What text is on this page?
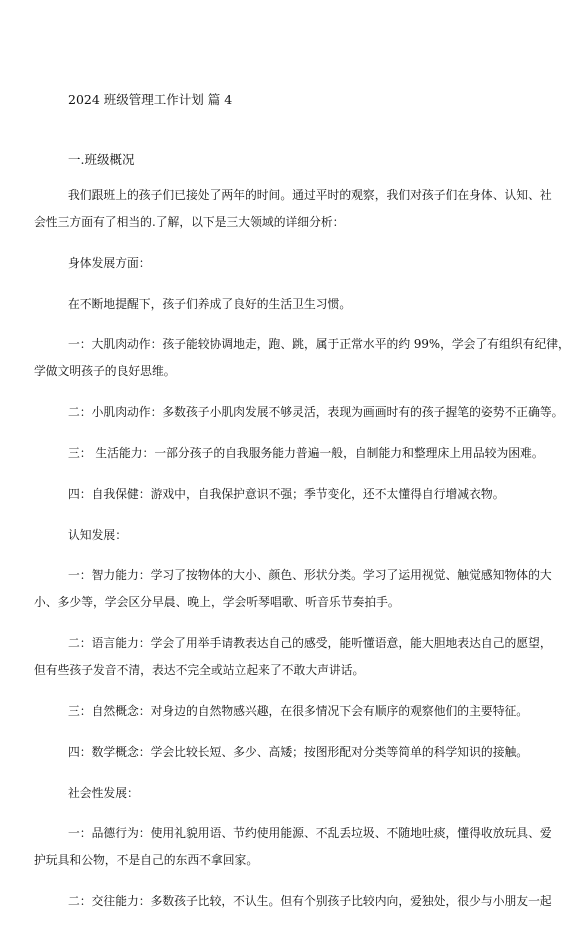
2024 班级管理工作计划 篇 4
一.班级概况
我们跟班上的孩子们已接处了两年的时间。通过平时的观察，我们对孩子们在身体、认知、社
会性三方面有了相当的.了解，以下是三大领域的详细分析：
身体发展方面：
在不断地提醒下，孩子们养成了良好的生活卫生习惯。
一：大肌肉动作：孩子能较协调地走，跑、跳，属于正常水平的约 99%，学会了有组织有纪律，
学做文明孩子的良好思维。
二：小肌肉动作：多数孩子小肌肉发展不够灵活，表现为画画时有的孩子握笔的姿势不正确等。
三： 生活能力：一部分孩子的自我服务能力普遍一般，自制能力和整理床上用品较为困难。
四：自我保健：游戏中，自我保护意识不强；季节变化，还不太懂得自行增减衣物。
认知发展：
一：智力能力：学习了按物体的大小、颜色、形状分类。学习了运用视觉、触觉感知物体的大
小、多少等，学会区分早晨、晚上，学会听琴唱歌、听音乐节奏拍手。
二：语言能力：学会了用举手请教表达自己的感受，能听懂语意，能大胆地表达自己的愿望，
但有些孩子发音不清，表达不完全或站立起来了不敢大声讲话。
三：自然概念：对身边的自然物感兴趣，在很多情况下会有顺序的观察他们的主要特征。
四：数学概念：学会比较长短、多少、高矮；按图形配对分类等简单的科学知识的接触。
社会性发展：
一：品德行为：使用礼貌用语、节约使用能源、不乱丢垃圾、不随地吐痰，懂得收放玩具、爱
护玩具和公物，不是自己的东西不拿回家。
二：交往能力：多数孩子比较，不认生。但有个别孩子比较内向，爱独处，很少与小朋友一起
